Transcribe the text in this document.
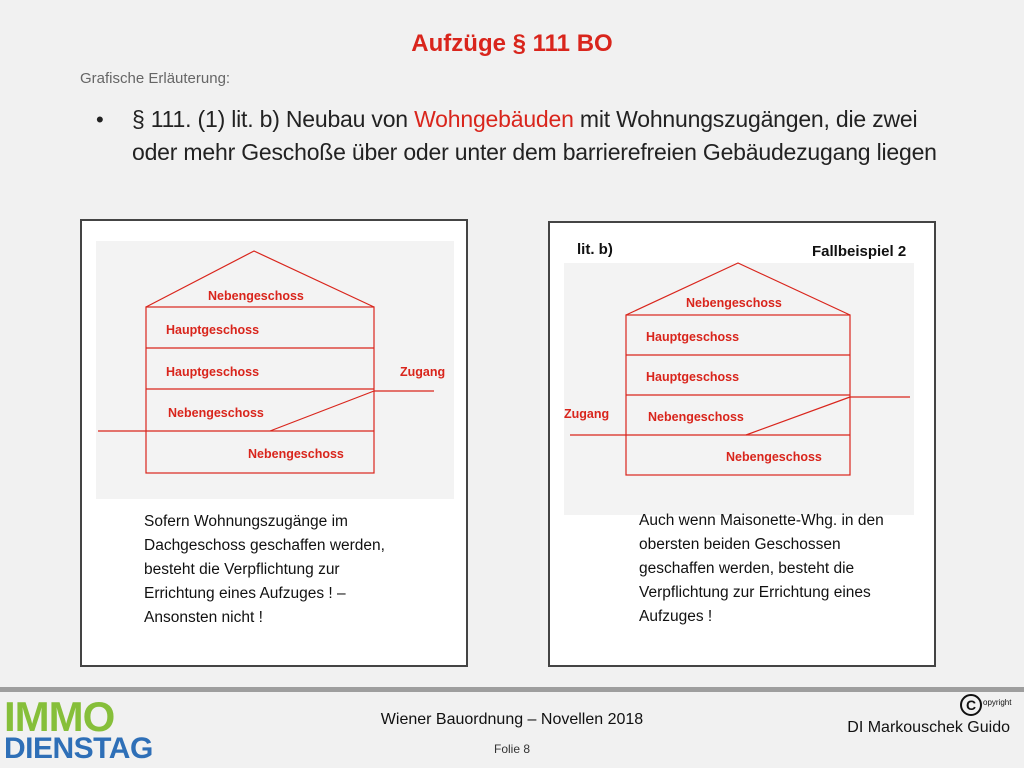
Aufzüge § 111 BO
Grafische Erläuterung:
•	§ 111. (1) lit. b) Neubau von Wohngebäuden mit Wohnungszugängen, die zwei oder mehr Geschoße über oder unter dem barrierefreien Gebäudezugang liegen
Nebengeschoss
Hauptgeschoss
Hauptgeschoss
Nebengeschoss
Nebengeschoss
Zugang
Sofern Wohnungszugänge im Dachgeschoss geschaffen werden, besteht die Verpflichtung zur Errichtung eines Aufzuges ! – Ansonsten nicht !
lit. b)	Fallbeispiel 2
Nebengeschoss
Hauptgeschoss
Hauptgeschoss
Nebengeschoss
Nebengeschoss
Zugang
Auch wenn Maisonette-Whg. in den obersten beiden Geschossen geschaffen werden, besteht die Verpflichtung zur Errichtung eines Aufzuges !
IMMO
DIENSTAG
Wiener Bauordnung – Novellen 2018
Folie 8
C opyright
DI Markouschek Guido
